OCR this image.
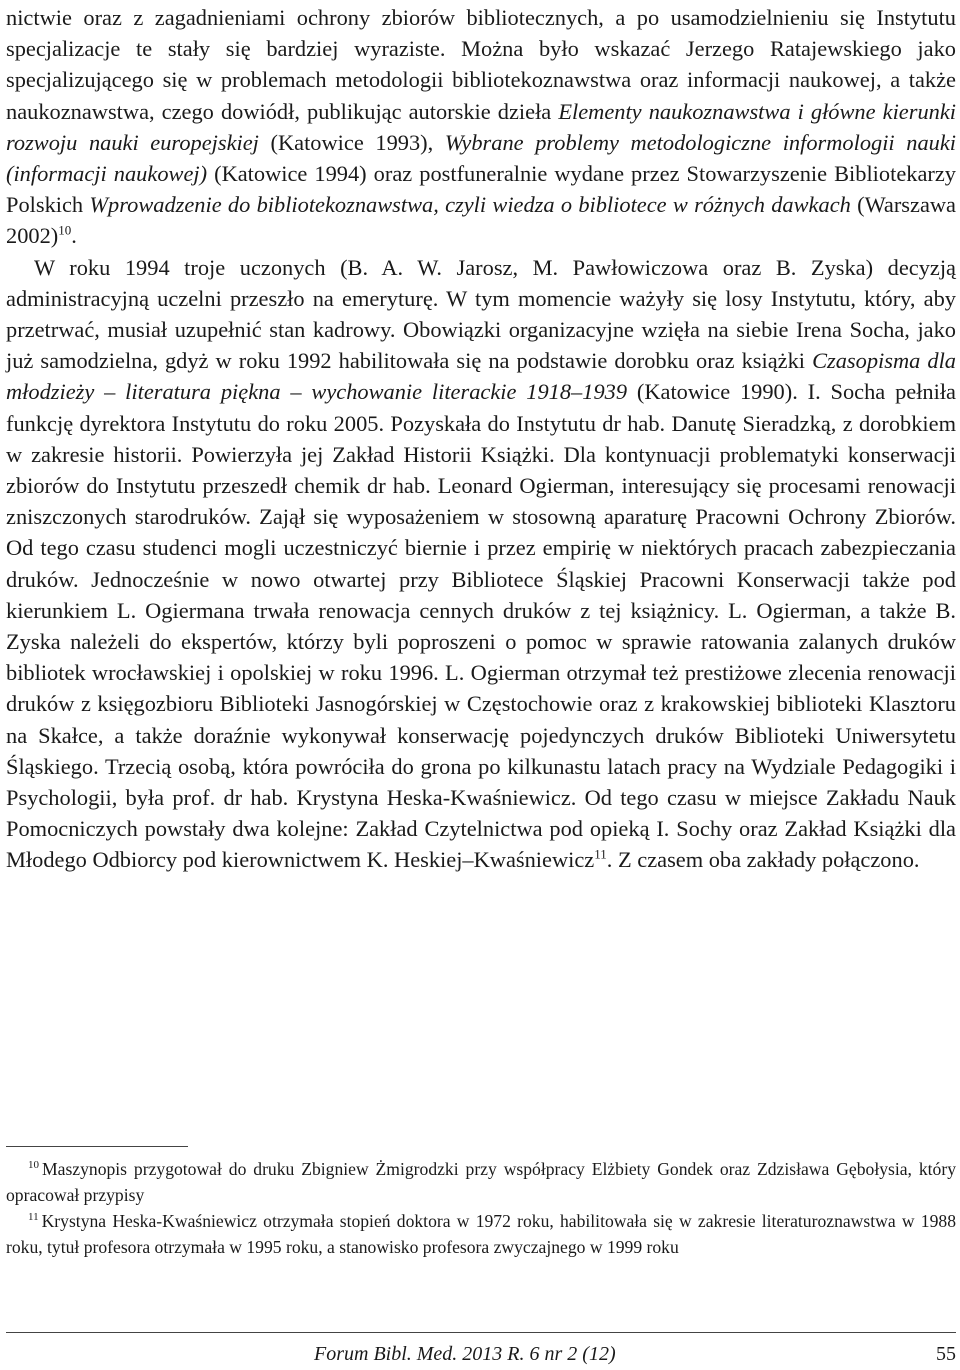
nictwie oraz z zagadnieniami ochrony zbiorów bibliotecznych, a po usamodzielnieniu się Instytutu specjalizacje te stały się bardziej wyraziste. Można było wskazać Jerzego Ratajewskiego jako specjalizującego się w problemach metodologii bibliotekoznawstwa oraz informacji naukowej, a także naukoznawstwa, czego dowiódł, publikując autorskie dzieła Elementy naukoznawstwa i główne kierunki rozwoju nauki europejskiej (Katowice 1993), Wybrane problemy metodologiczne informologii nauki (informacji naukowej) (Katowice 1994) oraz postfuneralnie wydane przez Stowarzyszenie Bibliotekarzy Polskich Wprowadzenie do bibliotekoznawstwa, czyli wiedza o bibliotece w różnych dawkach (Warszawa 2002)$^{10}$.

W roku 1994 troje uczonych (B. A. W. Jarosz, M. Pawłowiczowa oraz B. Zyska) decyzją administracyjną uczelni przeszło na emeryturę. W tym momencie ważyły się losy Instytutu, który, aby przetrwać, musiał uzupełnić stan kadrowy. Obowiązki organizacyjne wzięła na siebie Irena Socha, jako już samodzielna, gdyż w roku 1992 habilitowała się na podstawie dorobku oraz książki Czasopisma dla młodzieży – literatura piękna – wychowanie literackie 1918–1939 (Katowice 1990). I. Socha pełniła funkcję dyrektora Instytutu do roku 2005. Pozyskała do Instytutu dr hab. Danutę Sieradzką, z dorobkiem w zakresie historii. Powierzyła jej Zakład Historii Książki. Dla kontynuacji problematyki konserwacji zbiorów do Instytutu przeszedł chemik dr hab. Leonard Ogierman, interesujący się procesami renowacji zniszczonych starodruków. Zajął się wyposażeniem w stosowną aparaturę Pracowni Ochrony Zbiorów. Od tego czasu studenci mogli uczestniczyć biernie i przez empirię w niektórych pracach zabezpieczania druków. Jednocześnie w nowo otwartej przy Bibliotece Śląskiej Pracowni Konserwacji także pod kierunkiem L. Ogiermana trwała renowacja cennych druków z tej książnicy. L. Ogierman, a także B. Zyska należeli do ekspertów, którzy byli poproszeni o pomoc w sprawie ratowania zalanych druków bibliotek wrocławskiej i opolskiej w roku 1996. L. Ogierman otrzymał też prestiżowe zlecenia renowacji druków z księgozbioru Biblioteki Jasnogórskiej w Częstochowie oraz z krakowskiej biblioteki Klasztoru na Skałce, a także doraźnie wykonywał konserwację pojedynczych druków Biblioteki Uniwersytetu Śląskiego. Trzecią osobą, która powróciła do grona po kilkunastu latach pracy na Wydziale Pedagogiki i Psychologii, była prof. dr hab. Krystyna Heska-Kwaśniewicz. Od tego czasu w miejsce Zakładu Nauk Pomocniczych powstały dwa kolejne: Zakład Czytelnictwa pod opieką I. Sochy oraz Zakład Książki dla Młodego Odbiorcy pod kierownictwem K. Heskiej–Kwaśniewicz$^{11}$. Z czasem oba zakłady połączono.

$^{10}$ Maszynopis przygotował do druku Zbigniew Żmigrodzki przy współpracy Elżbiety Gondek oraz Zdzisława Gębołysia, który opracował przypisy

$^{11}$ Krystyna Heska-Kwaśniewicz otrzymała stopień doktora w 1972 roku, habilitowała się w zakresie literaturoznawstwa w 1988 roku, tytuł profesora otrzymała w 1995 roku, a stanowisko profesora zwyczajnego w 1999 roku

Forum Bibl. Med. 2013 R. 6 nr 2 (12)	55
